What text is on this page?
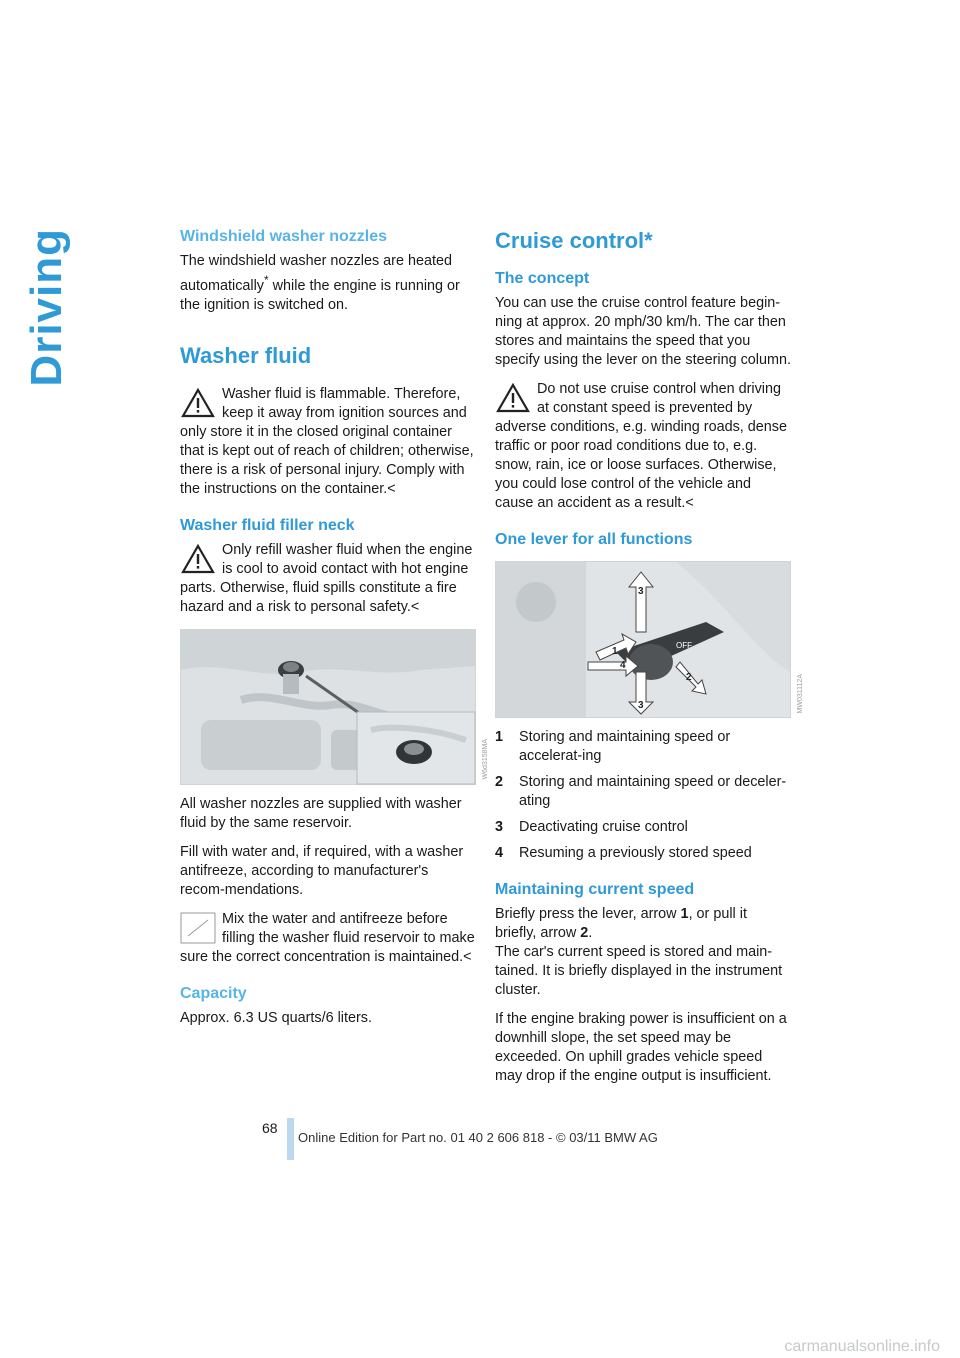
Driving	Windshield washer nozzles

The windshield washer nozzles are heated automatically* while the engine is running or the ignition is switched on.

Washer fluid

Washer fluid is flammable. Therefore, keep it away from ignition sources and only store it in the closed original container that is kept out of reach of children; otherwise, there is a risk of personal injury. Comply with the instructions on the container.<

Washer fluid filler neck

Only refill washer fluid when the engine is cool to avoid contact with hot engine parts. Otherwise, fluid spills constitute a fire hazard and a risk to personal safety.<

W6d3158MA

All washer nozzles are supplied with washer fluid by the same reservoir.

Fill with water and, if required, with a washer antifreeze, according to manufacturer's recom-mendations.

Mix the water and antifreeze before filling the washer fluid reservoir to make sure the correct concentration is maintained.<

Capacity

Approx. 6.3 US quarts/6 liters.

Cruise control*
The concept

You can use the cruise control feature begin-ning at approx. 20 mph/30 km/h. The car then stores and maintains the speed that you specify using the lever on the steering column.

Do not use cruise control when driving at constant speed is prevented by adverse conditions, e.g. winding roads, dense traffic or poor road conditions due to, e.g. snow, rain, ice or loose surfaces. Otherwise, you could lose control of the vehicle and cause an accident as a result.<

One lever for all functions
OFF
1
2
3
4
3	MW031112A
1	Storing and maintaining speed or accelerat-ing
2	Storing and maintaining speed or deceler-ating
3	Deactivating cruise control
4	Resuming a previously stored speed
Maintaining current speed

Briefly press the lever, arrow 1, or pull it briefly, arrow 2.

The car's current speed is stored and main-tained. It is briefly displayed in the instrument cluster.

If the engine braking power is insufficient on a downhill slope, the set speed may be exceeded. On uphill grades vehicle speed may drop if the engine output is insufficient.

68
Online Edition for Part no. 01 40 2 606 818 - © 03/11 BMW AG
carmanualsonline.info
